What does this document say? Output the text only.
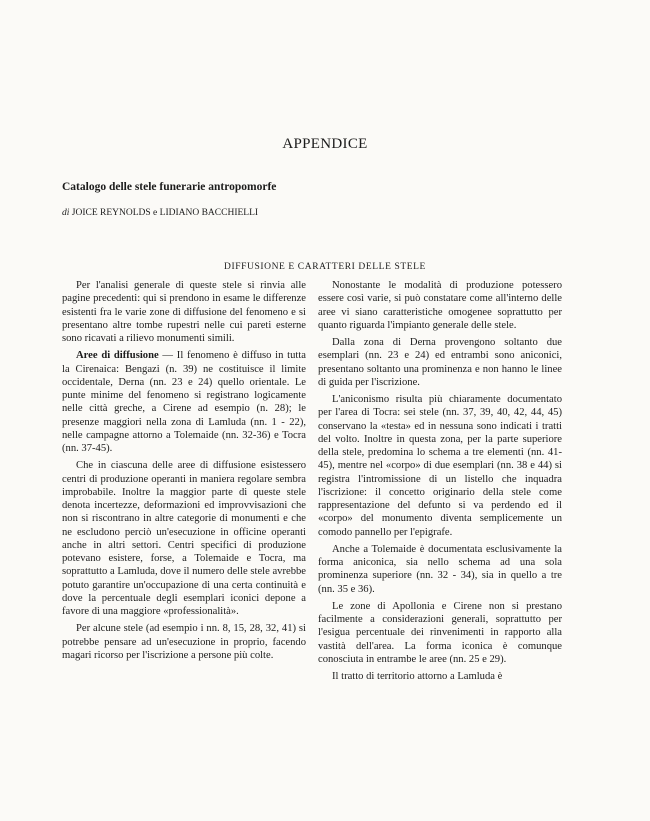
APPENDICE
Catalogo delle stele funerarie antropomorfe
di JOICE REYNOLDS e LIDIANO BACCHIELLI
DIFFUSIONE E CARATTERI DELLE STELE

Per l'analisi generale di queste stele si rinvia alle pagine precedenti: qui si prendono in esame le differenze esistenti fra le varie zone di diffusione del fenomeno e si presentano altre tombe rupestri nelle cui pareti esterne sono ricavati a rilievo monumenti simili.

Aree di diffusione — Il fenomeno è diffuso in tutta la Cirenaica: Bengazi (n. 39) ne costituisce il limite occidentale, Derna (nn. 23 e 24) quello orientale. Le punte minime del fenomeno si registrano logicamente nelle città greche, a Cirene ad esempio (n. 28); le presenze maggiori nella zona di Lamluda (nn. 1 - 22), nelle campagne attorno a Tolemaide (nn. 32-36) e Tocra (nn. 37-45).

Che in ciascuna delle aree di diffusione esistessero centri di produzione operanti in maniera regolare sembra improbabile. Inoltre la maggior parte di queste stele denota incertezze, deformazioni ed improvvisazioni che non si riscontrano in altre categorie di monumenti e che ne escludono perciò un'esecuzione in officine operanti anche in altri settori. Centri specifici di produzione potevano esistere, forse, a Tolemaide e Tocra, ma soprattutto a Lamluda, dove il numero delle stele avrebbe potuto garantire un'occupazione di una certa continuità e dove la percentuale degli esemplari iconici depone a favore di una maggiore «professionalità».

Per alcune stele (ad esempio i nn. 8, 15, 28, 32, 41) si potrebbe pensare ad un'esecuzione in proprio, facendo magari ricorso per l'iscrizione a persone più colte.

Nonostante le modalità di produzione potessero essere così varie, si può constatare come all'interno delle aree vi siano caratteristiche omogenee soprattutto per quanto riguarda l'impianto generale delle stele.

Dalla zona di Derna provengono soltanto due esemplari (nn. 23 e 24) ed entrambi sono aniconici, presentano soltanto una prominenza e non hanno le linee di guida per l'iscrizione.

L'aniconismo risulta più chiaramente documentato per l'area di Tocra: sei stele (nn. 37, 39, 40, 42, 44, 45) conservano la «testa» ed in nessuna sono indicati i tratti del volto. Inoltre in questa zona, per la parte superiore della stele, predomina lo schema a tre elementi (nn. 41-45), mentre nel «corpo» di due esemplari (nn. 38 e 44) si registra l'intromissione di un listello che inquadra l'iscrizione: il concetto originario della stele come rappresentazione del defunto si va perdendo ed il «corpo» del monumento diventa semplicemente un comodo pannello per l'epigrafe.

Anche a Tolemaide è documentata esclusivamente la forma aniconica, sia nello schema ad una sola prominenza superiore (nn. 32 - 34), sia in quello a tre (nn. 35 e 36).

Le zone di Apollonia e Cirene non si prestano facilmente a considerazioni generali, soprattutto per l'esigua percentuale dei rinvenimenti in rapporto alla vastità dell'area. La forma iconica è comunque conosciuta in entrambe le aree (nn. 25 e 29).

Il tratto di territorio attorno a Lamluda è
